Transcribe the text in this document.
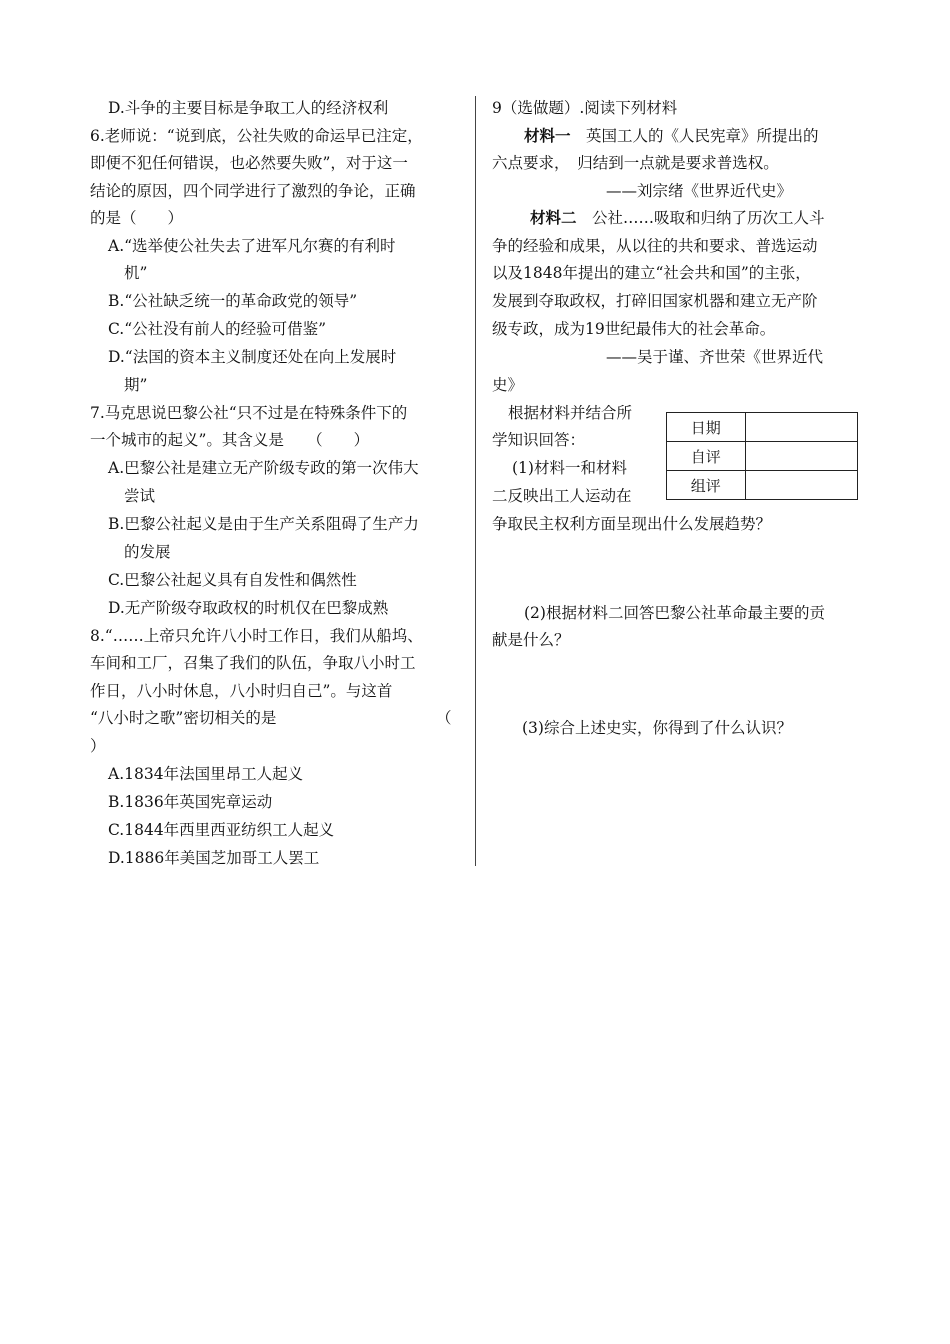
D.斗争的主要目标是争取工人的经济权利
6.老师说：“说到底，公社失败的命运早已注定，
即便不犯任何错误，也必然要失败”，对于这一
结论的原因，四个同学进行了激烈的争论，正确
的是（　　）
A.“选举使公社失去了进军凡尔赛的有利时
机”
B.“公社缺乏统一的革命政党的领导”
C.“公社没有前人的经验可借鉴”
D.“法国的资本主义制度还处在向上发展时
期”
7.马克思说巴黎公社“只不过是在特殊条件下的
一个城市的起义”。其含义是　　（　　）
A.巴黎公社是建立无产阶级专政的第一次伟大
尝试
B.巴黎公社起义是由于生产关系阻碍了生产力
的发展
C.巴黎公社起义具有自发性和偶然性
D.无产阶级夺取政权的时机仅在巴黎成熟
8.“……上帝只允许八小时工作日，我们从船坞、
车间和工厂，召集了我们的队伍，争取八小时工
作日，八小时休息，八小时归自己”。与这首
“八小时之歌”密切相关的是	（
）
A.1834年法国里昂工人起义
B.1836年英国宪章运动
C.1844年西里西亚纺织工人起义
D.1886年美国芝加哥工人罢工
9（选做题）.阅读下列材料
材料一　英国工人的《人民宪章》所提出的
六点要求，　归结到一点就是要求普选权。
——刘宗绪《世界近代史》
材料二　公社……吸取和归纳了历次工人斗
争的经验和成果，从以往的共和要求、普选运动
以及1848年提出的建立“社会共和国”的主张，
发展到夺取政权，打碎旧国家机器和建立无产阶
级专政，成为19世纪最伟大的社会革命。
——吴于谨、齐世荣《世界近代
史》
根据材料并结合所
学知识回答：
日期	
自评	
组评	
(1)材料一和材料
二反映出工人运动在
争取民主权利方面呈现出什么发展趋势？
(2)根据材料二回答巴黎公社革命最主要的贡
献是什么？
(3)综合上述史实，你得到了什么认识？
